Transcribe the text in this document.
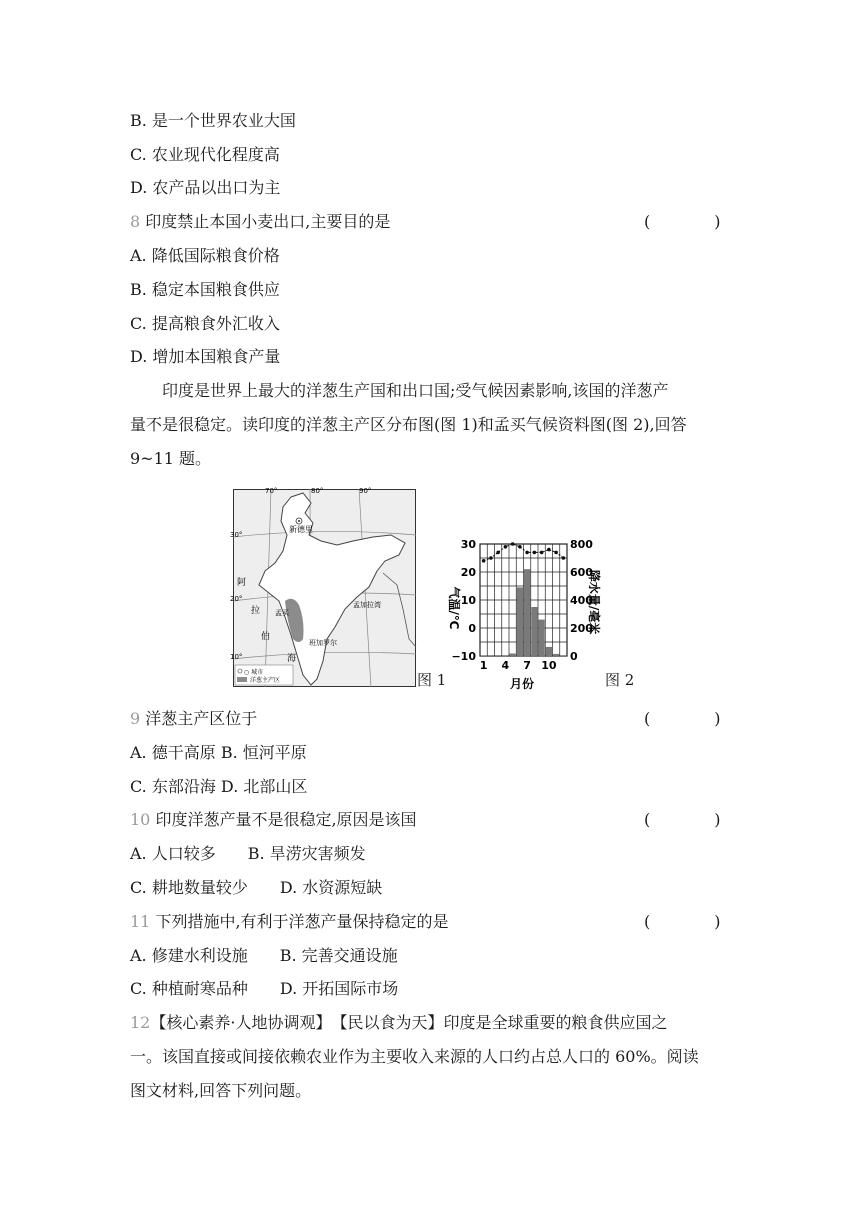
B. 是一个世界农业大国
C. 农业现代化程度高
D. 农产品以出口为主
8 印度禁止本国小麦出口,主要目的是	(　　　　)
A. 降低国际粮食价格
B. 稳定本国粮食供应
C. 提高粮食外汇收入
D. 增加本国粮食产量
印度是世界上最大的洋葱生产国和出口国;受气候因素影响,该国的洋葱产
量不是很稳定。读印度的洋葱主产区分布图(图 1)和孟买气候资料图(图 2),回答
9~11 题。
70°	80°	90°
30°
20°
10°
新德里
孟买
班加罗尔
孟加拉湾
阿
拉
伯
海
○ 城市
洋葱主产区	图 1
30
20
10
0
−10
800
600
400
200
0
1 4 7 10
气温/℃	降水量/毫米
月份	图 2
9 洋葱主产区位于	(　　　　)
A. 德干高原 B. 恒河平原
C. 东部沿海 D. 北部山区
10 印度洋葱产量不是很稳定,原因是该国	(　　　　)
A. 人口较多　　B. 旱涝灾害频发
C. 耕地数量较少　　D. 水资源短缺
11 下列措施中,有利于洋葱产量保持稳定的是	(　　　　)
A. 修建水利设施　　B. 完善交通设施
C. 种植耐寒品种　　D. 开拓国际市场
12【核心素养·人地协调观】　【民以食为天】印度是全球重要的粮食供应国之
一。该国直接或间接依赖农业作为主要收入来源的人口约占总人口的 60%。阅读
图文材料,回答下列问题。
